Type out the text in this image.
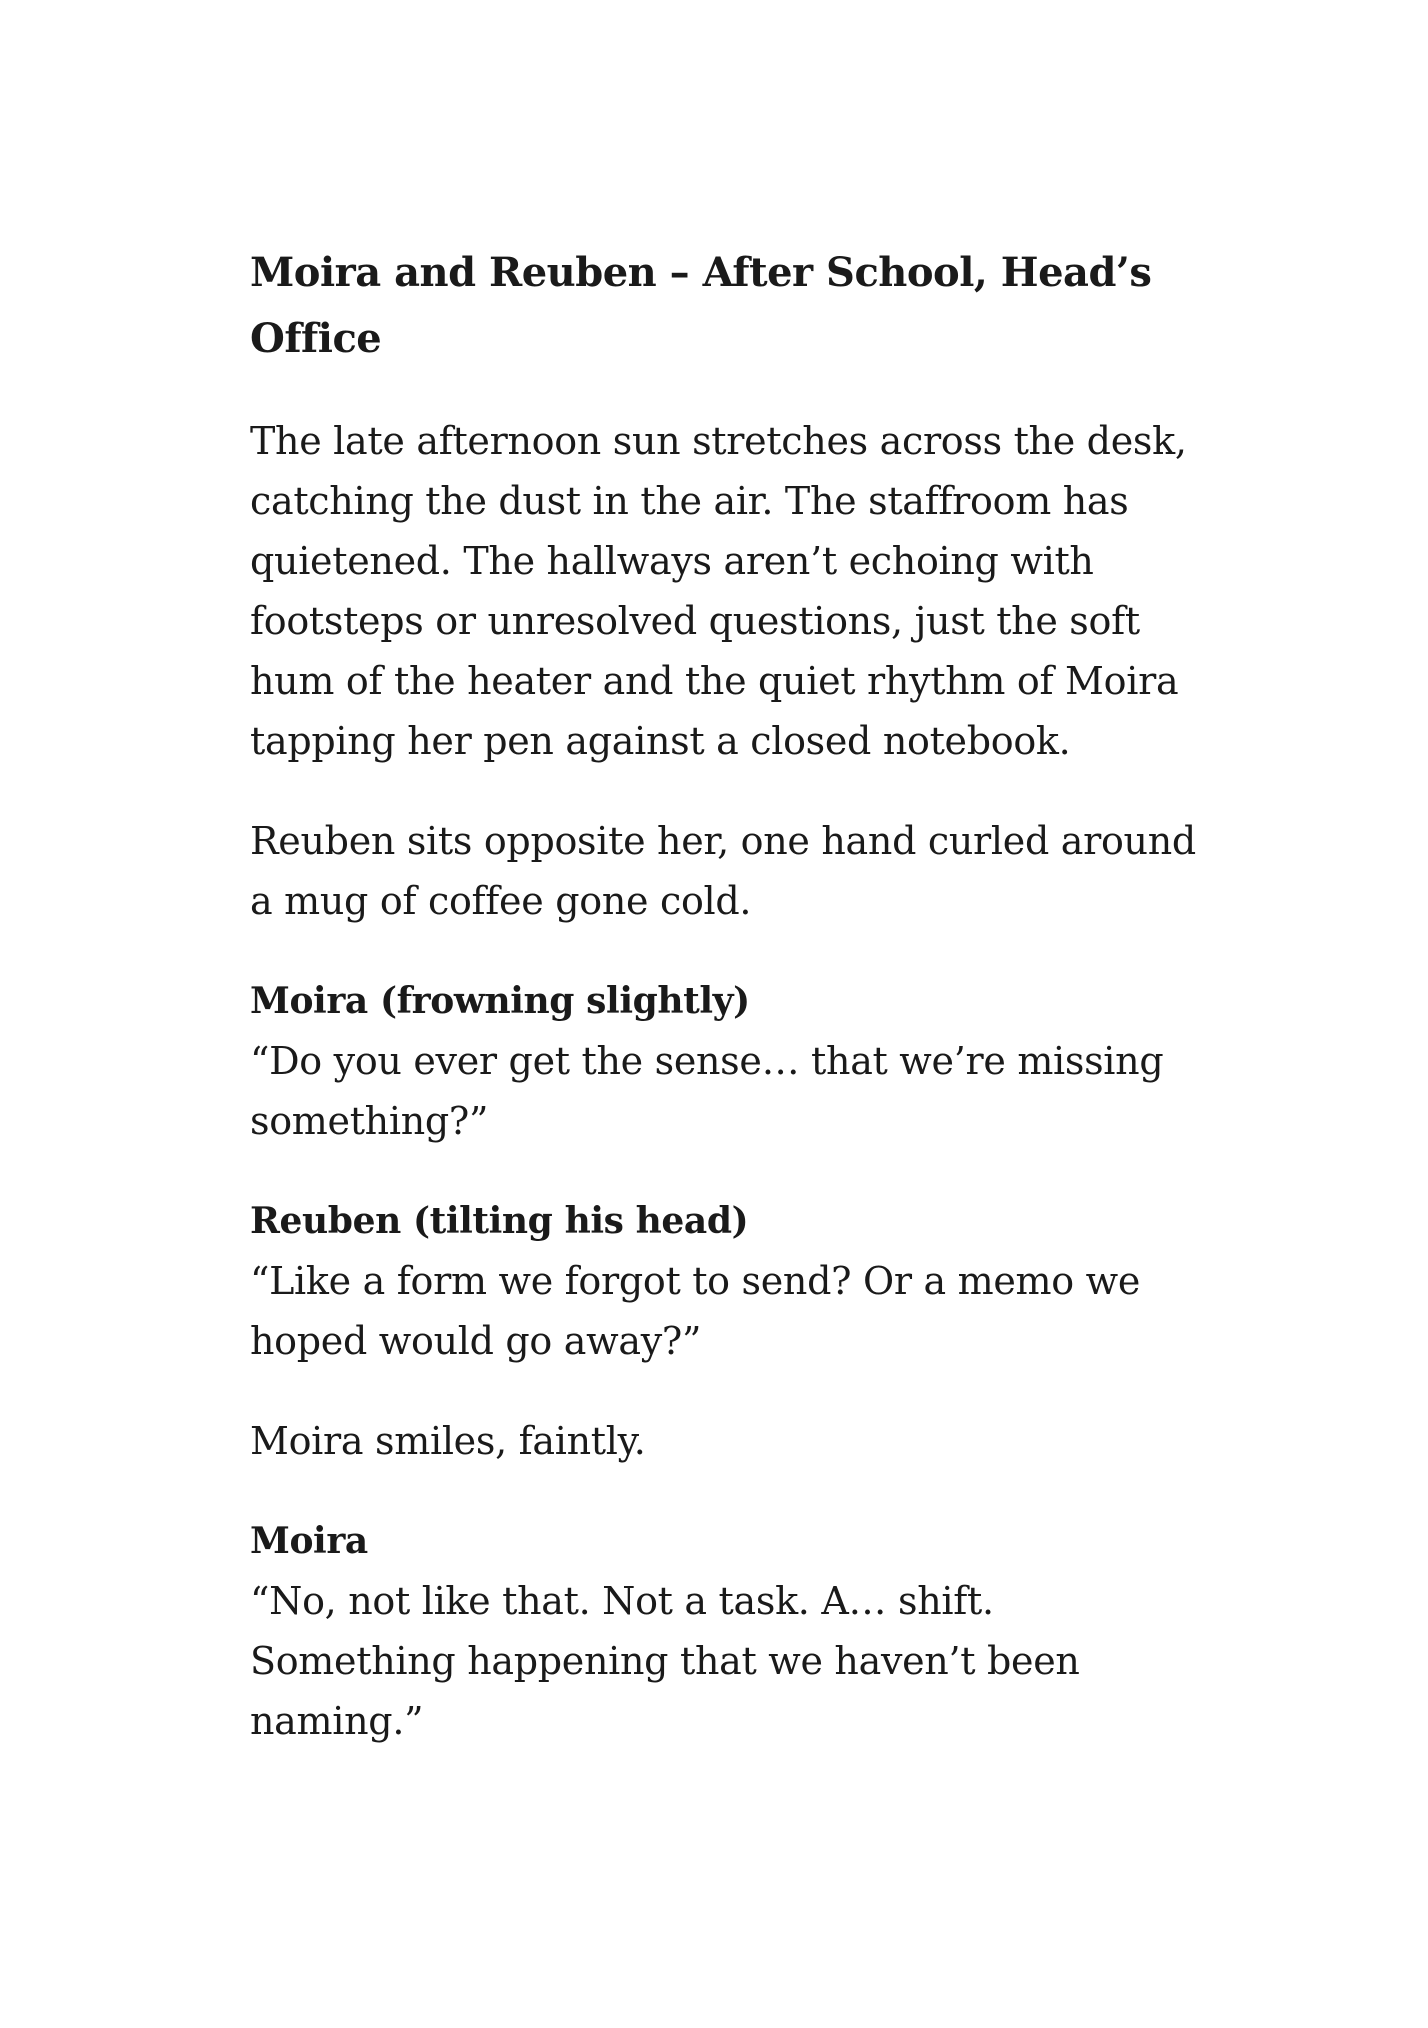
Moira and Reuben – After School, Head’s Office

The late afternoon sun stretches across the desk, catching the dust in the air. The staffroom has quietened. The hallways aren’t echoing with footsteps or unresolved questions, just the soft hum of the heater and the quiet rhythm of Moira tapping her pen against a closed notebook.

Reuben sits opposite her, one hand curled around a mug of coffee gone cold.

Moira (frowning slightly)
“Do you ever get the sense… that we’re missing something?”

Reuben (tilting his head)
“Like a form we forgot to send? Or a memo we hoped would go away?”

Moira smiles, faintly.

Moira
“No, not like that. Not a task. A… shift. Something happening that we haven’t been naming.”
